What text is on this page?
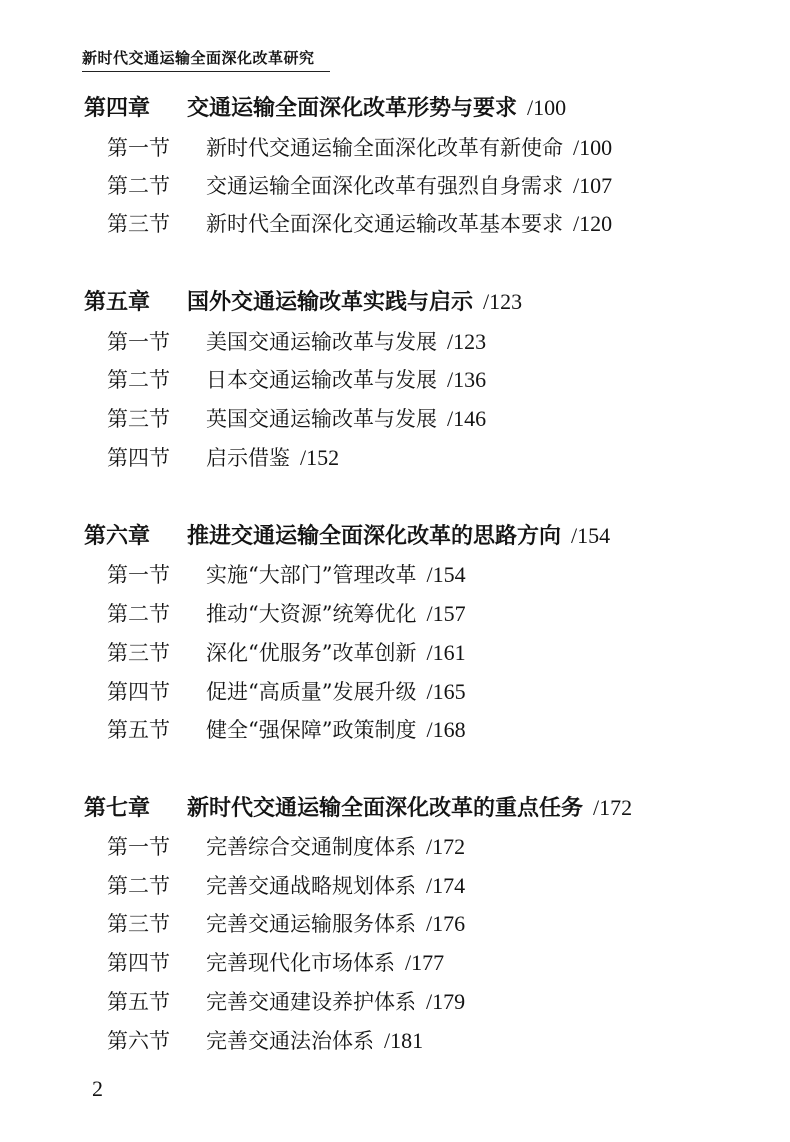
新时代交通运输全面深化改革研究
第四章 交通运输全面深化改革形势与要求 /100
第一节 新时代交通运输全面深化改革有新使命 /100
第二节 交通运输全面深化改革有强烈自身需求 /107
第三节 新时代全面深化交通运输改革基本要求 /120
第五章 国外交通运输改革实践与启示 /123
第一节 美国交通运输改革与发展 /123
第二节 日本交通运输改革与发展 /136
第三节 英国交通运输改革与发展 /146
第四节 启示借鉴 /152
第六章 推进交通运输全面深化改革的思路方向 /154
第一节 实施“大部门”管理改革 /154
第二节 推动“大资源”统筹优化 /157
第三节 深化“优服务”改革创新 /161
第四节 促进“高质量”发展升级 /165
第五节 健全“强保障”政策制度 /168
第七章 新时代交通运输全面深化改革的重点任务 /172
第一节 完善综合交通制度体系 /172
第二节 完善交通战略规划体系 /174
第三节 完善交通运输服务体系 /176
第四节 完善现代化市场体系 /177
第五节 完善交通建设养护体系 /179
第六节 完善交通法治体系 /181
2
